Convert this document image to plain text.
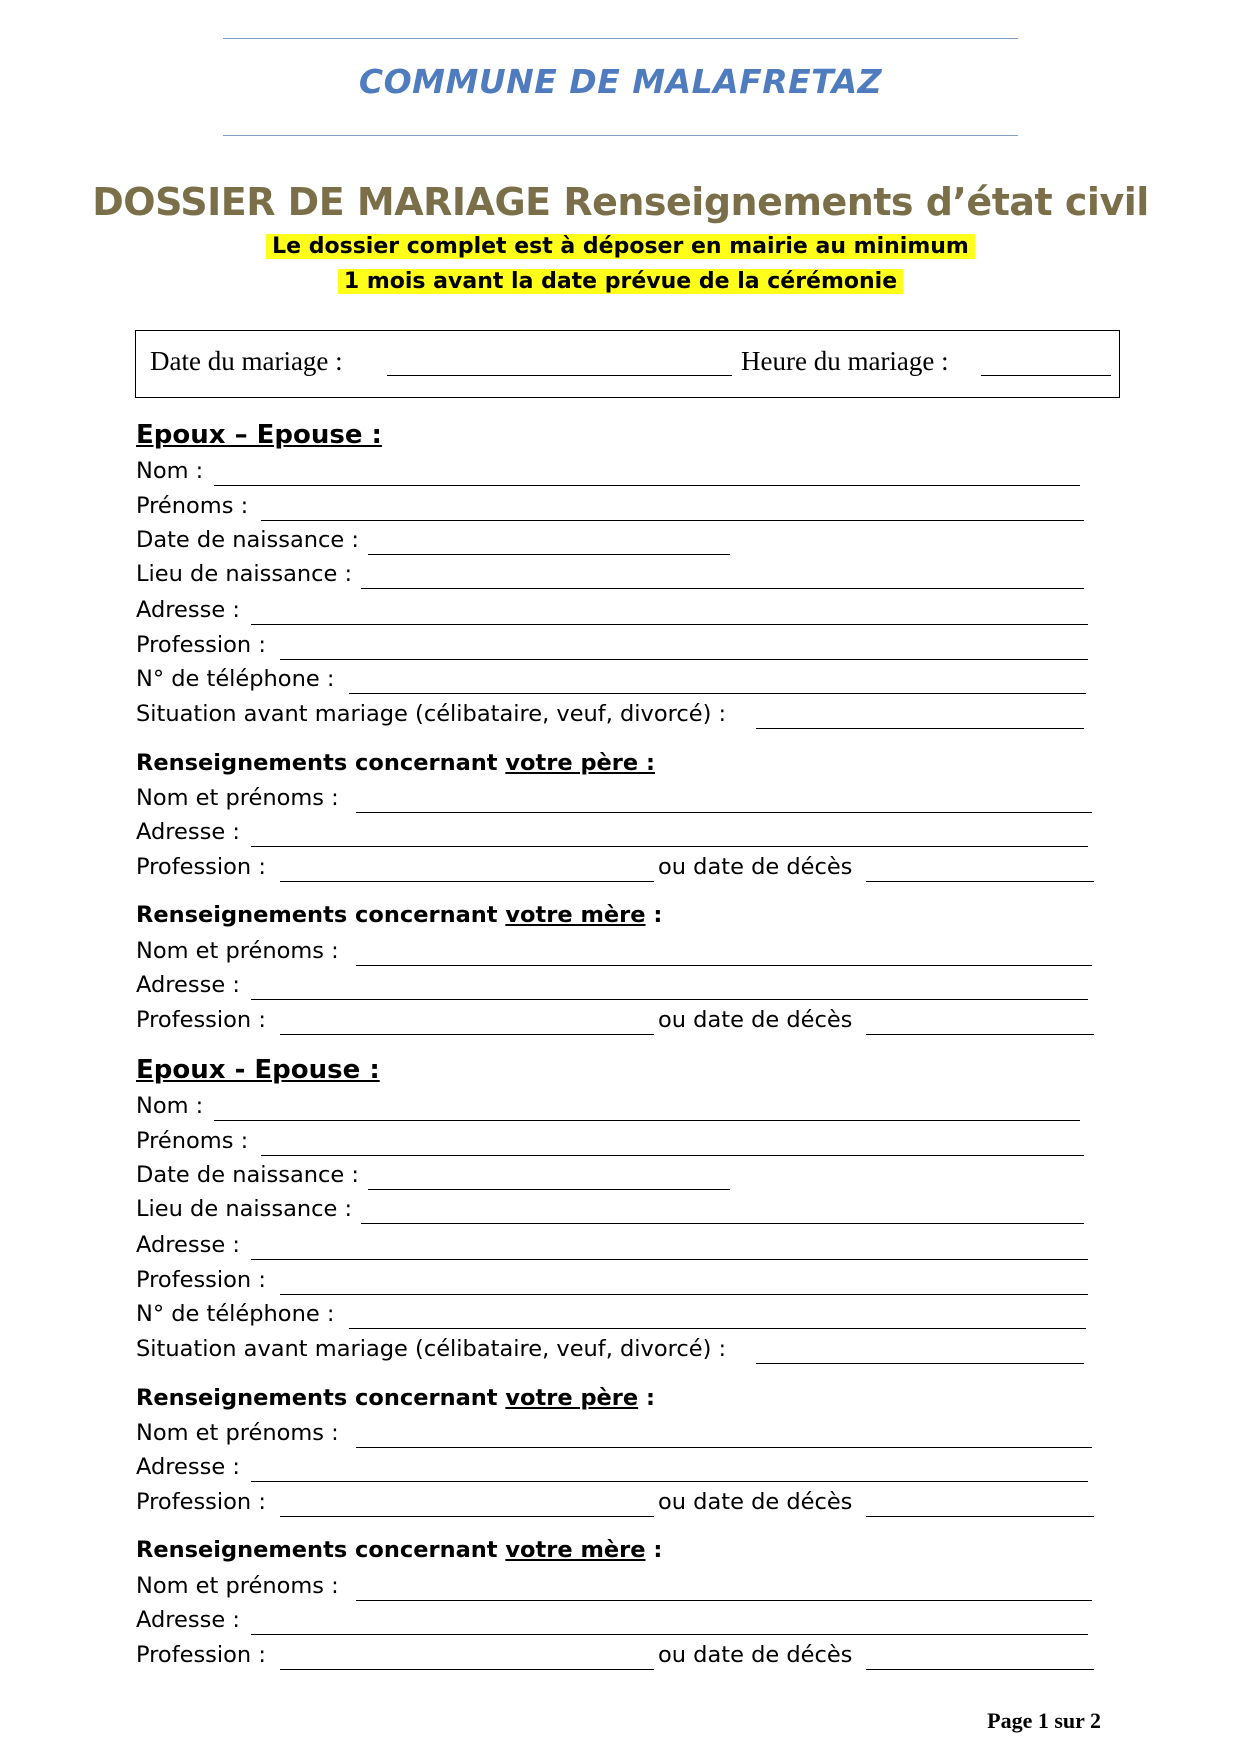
COMMUNE DE MALAFRETAZ
DOSSIER DE MARIAGE Renseignements d’état civil
Le dossier complet est à déposer en mairie au minimum
1 mois avant la date prévue de la cérémonie
Date du mariage :	Heure du mariage :
Epoux – Epouse :
Nom :
Prénoms :
Date de naissance :
Lieu de naissance :
Adresse :
Profession :
N° de téléphone :
Situation avant mariage (célibataire, veuf, divorcé) :
Renseignements concernant votre père :
Nom et prénoms :
Adresse :
Profession :	ou date de décès
Renseignements concernant votre mère :
Nom et prénoms :
Adresse :
Profession :	ou date de décès
Epoux - Epouse :
Nom :
Prénoms :
Date de naissance :
Lieu de naissance :
Adresse :
Profession :
N° de téléphone :
Situation avant mariage (célibataire, veuf, divorcé) :
Renseignements concernant votre père :
Nom et prénoms :
Adresse :
Profession :	ou date de décès
Renseignements concernant votre mère :
Nom et prénoms :
Adresse :
Profession :	ou date de décès
Page 1 sur 2
